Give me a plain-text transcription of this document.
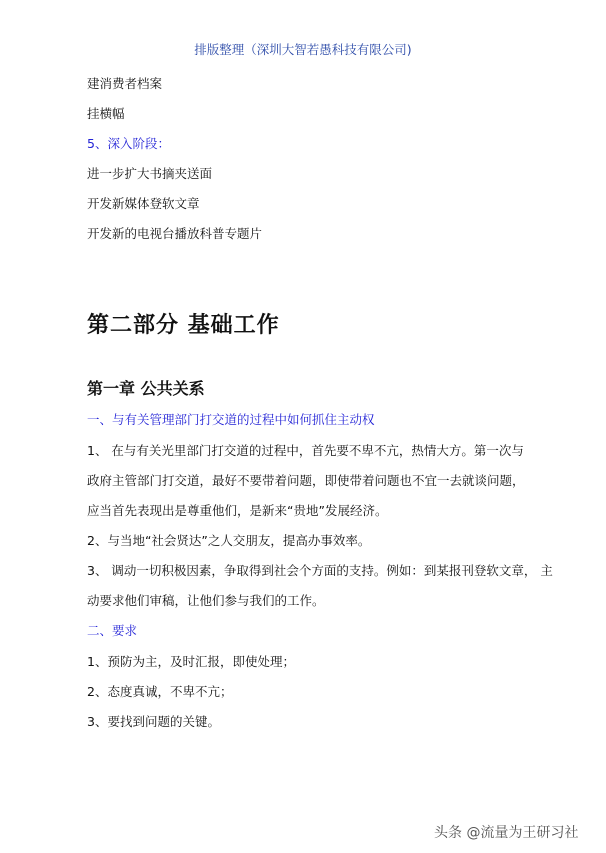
排版整理（深圳大智若愚科技有限公司)
建消费者档案
挂横幅
5、深入阶段：
进一步扩大书摘夹送面
开发新媒体登软文章
开发新的电视台播放科普专题片
第二部分 基础工作
第一章 公共关系
一、与有关管理部门打交道的过程中如何抓住主动权
1、 在与有关光里部门打交道的过程中，首先要不卑不亢，热情大方。第一次与
政府主管部门打交道，最好不要带着问题，即使带着问题也不宜一去就谈问题，
应当首先表现出是尊重他们，是新来“贵地”发展经济。
2、与当地“社会贤达”之人交朋友，提高办事效率。
3、 调动一切积极因素，争取得到社会个方面的支持。例如：到某报刊登软文章， 主
动要求他们审稿，让他们参与我们的工作。
二、要求
1、预防为主，及时汇报，即使处理；
2、态度真诚，不卑不亢；
3、要找到问题的关键。
头条 @流量为王研习社
